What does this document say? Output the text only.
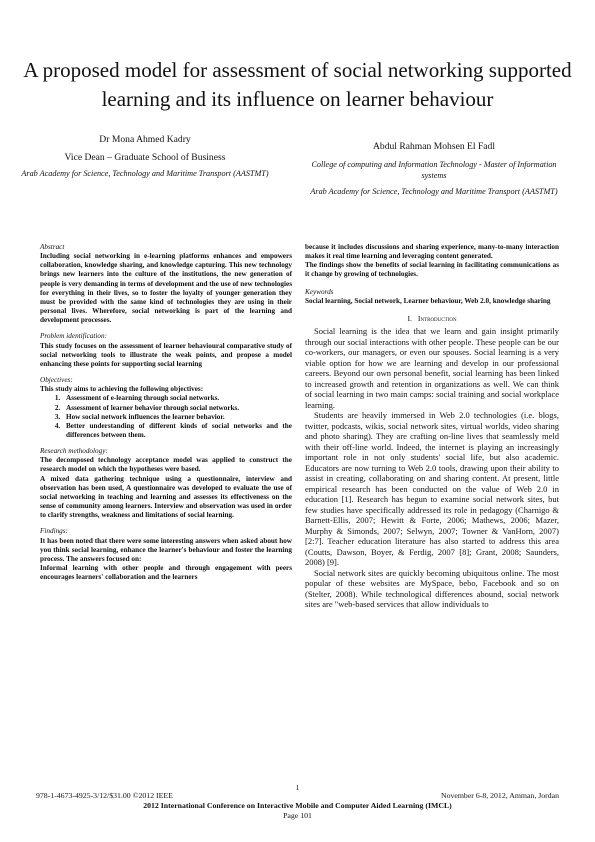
A proposed model for assessment of social networking supported learning and its influence on learner behaviour
Dr Mona Ahmed Kadry
Vice Dean – Graduate School of Business
Arab Academy for Science, Technology and Maritime Transport (AASTMT)
Abdul Rahman Mohsen El Fadl
College of computing and Information Technology - Master of Information systems
Arab Academy for Science, Technology and Maritime Transport (AASTMT)

Abstract

Including social networking in e-learning platforms enhances and empowers collaboration, knowledge sharing, and knowledge capturing. This new technology brings new learners into the culture of the institutions, the new generation of people is very demanding in terms of development and the use of new technologies for everything in their lives, so to foster the loyalty of younger generation they must be provided with the same kind of technologies they are using in their personal lives. Wherefore, social networking is part of the learning and development processes.

Problem identification:

This study focuses on the assessment of learner behavioural comparative study of social networking tools to illustrate the weak points, and propose a model enhancing these points for supporting social learning

Objectives:

This study aims to achieving the following objectives:

1. Assessment of e-learning through social networks.
2. Assessment of learner behavior through social networks.
3. How social network influences the learner behavior.
4. Better understanding of different kinds of social networks and the differences between them.

Research methodology:

The decomposed technology acceptance model was applied to construct the research model on which the hypotheses were based.

A mixed data gathering technique using a questionnaire, interview and observation has been used, A questionnaire was developed to evaluate the use of social networking in teaching and learning and assesses its effectiveness on the sense of community among learners. Interview and observation was used in order to clarify strengths, weakness and limitations of social learning.

Findings:

It has been noted that there were some interesting answers when asked about how you think social learning, enhance the learner's behaviour and foster the learning process. The answers focused on:

Informal learning with other people and through engagement with peers encourages learners' collaboration and the learners

because it includes discussions and sharing experience, many-to-many interaction makes it real time learning and leveraging content generated.

The findings show the benefits of social learning in facilitating communications as it change by growing of technologies.

Keywords

Social learning, Social network, Learner behaviour, Web 2.0, knowledge sharing

I. Introduction

Social learning is the idea that we learn and gain insight primarily through our social interactions with other people. These people can be our co-workers, our managers, or even our spouses. Social learning is a very viable option for how we are learning and develop in our professional careers. Beyond our own personal benefit, social learning has been linked to increased growth and retention in organizations as well. We can think of social learning in two main camps: social training and social workplace learning.

Students are heavily immersed in Web 2.0 technologies (i.e. blogs, twitter, podcasts, wikis, social network sites, virtual worlds, video sharing and photo sharing). They are crafting on-line lives that seamlessly meld with their off-line world. Indeed, the internet is playing an increasingly important role in not only students' social life, but also academic. Educators are now turning to Web 2.0 tools, drawing upon their ability to assist in creating, collaborating on and sharing content. At present, little empirical research has been conducted on the value of Web 2.0 in education [1]. Research has begun to examine social network sites, but few studies have specifically addressed its role in pedagogy (Charnigo & Barnett-Ellis, 2007; Hewitt & Forte, 2006; Mathews, 2006; Mazer, Murphy & Simonds, 2007; Selwyn, 2007; Towner & VanHorn, 2007) [2:7]. Teacher education literature has also started to address this area (Coutts, Dawson, Boyer, & Ferdig, 2007 [8]; Grant, 2008; Saunders, 2008) [9].

Social network sites are quickly becoming ubiquitous online. The most popular of these websites are MySpace, bebo, Facebook and so on (Stelter, 2008). While technological differences abound, social network sites are "web-based services that allow individuals to

1
978-1-4673-4925-3/12/$31.00 ©2012 IEEE	November 6-8, 2012, Amman, Jordan
2012 International Conference on Interactive Mobile and Computer Aided Learning (IMCL)
Page 101
